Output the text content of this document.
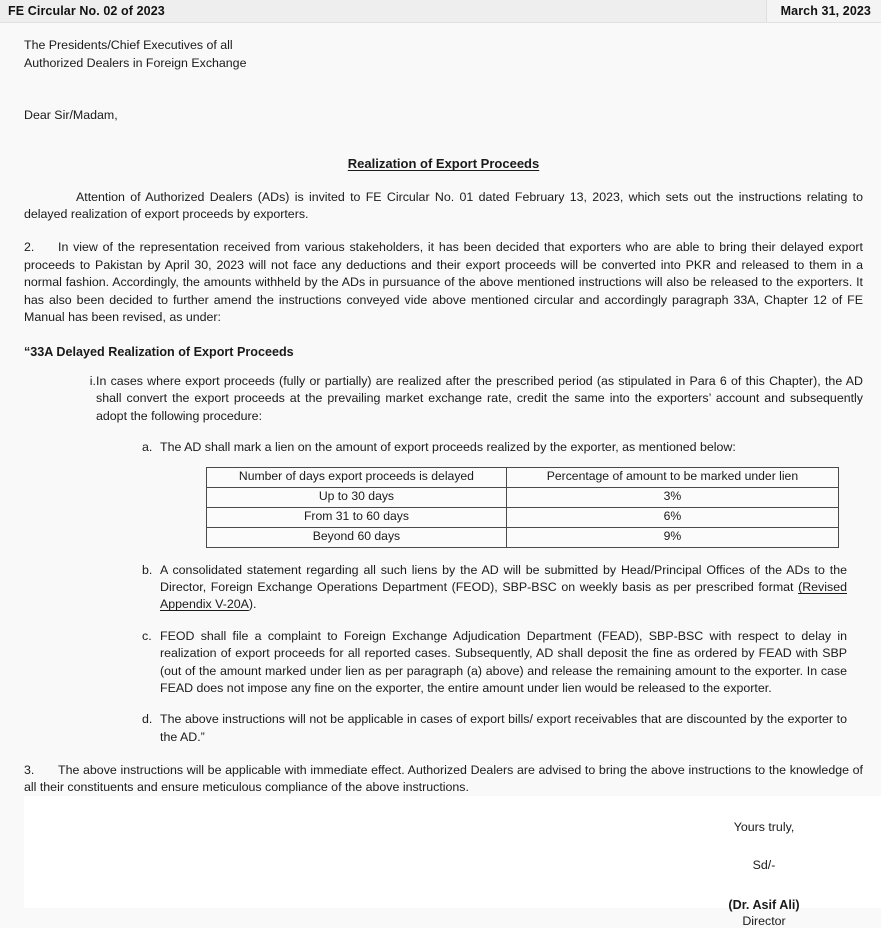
FE Circular No. 02 of 2023	March 31, 2023

The Presidents/Chief Executives of all
Authorized Dealers in Foreign Exchange

Dear Sir/Madam,

Realization of Export Proceeds

Attention of Authorized Dealers (ADs) is invited to FE Circular No. 01 dated February 13, 2023, which sets out the instructions relating to delayed realization of export proceeds by exporters.

2. In view of the representation received from various stakeholders, it has been decided that exporters who are able to bring their delayed export proceeds to Pakistan by April 30, 2023 will not face any deductions and their export proceeds will be converted into PKR and released to them in a normal fashion. Accordingly, the amounts withheld by the ADs in pursuance of the above mentioned instructions will also be released to the exporters. It has also been decided to further amend the instructions conveyed vide above mentioned circular and accordingly paragraph 33A, Chapter 12 of FE Manual has been revised, as under:

“33A Delayed Realization of Export Proceeds

i. In cases where export proceeds (fully or partially) are realized after the prescribed period (as stipulated in Para 6 of this Chapter), the AD shall convert the export proceeds at the prevailing market exchange rate, credit the same into the exporters’ account and subsequently adopt the following procedure:
a. The AD shall mark a lien on the amount of export proceeds realized by the exporter, as mentioned below:
Number of days export proceeds is delayed	Percentage of amount to be marked under lien
Up to 30 days	3%
From 31 to 60 days	6%
Beyond 60 days	9%
b. A consolidated statement regarding all such liens by the AD will be submitted by Head/Principal Offices of the ADs to the Director, Foreign Exchange Operations Department (FEOD), SBP-BSC on weekly basis as per prescribed format (Revised Appendix V-20A).
c. FEOD shall file a complaint to Foreign Exchange Adjudication Department (FEAD), SBP-BSC with respect to delay in realization of export proceeds for all reported cases. Subsequently, AD shall deposit the fine as ordered by FEAD with SBP (out of the amount marked under lien as per paragraph (a) above) and release the remaining amount to the exporter. In case FEAD does not impose any fine on the exporter, the entire amount under lien would be released to the exporter.
d. The above instructions will not be applicable in cases of export bills/ export receivables that are discounted by the exporter to the AD.”

3. The above instructions will be applicable with immediate effect. Authorized Dealers are advised to bring the above instructions to the knowledge of all their constituents and ensure meticulous compliance of the above instructions.

Yours truly,

Sd/-

(Dr. Asif Ali)

Director
